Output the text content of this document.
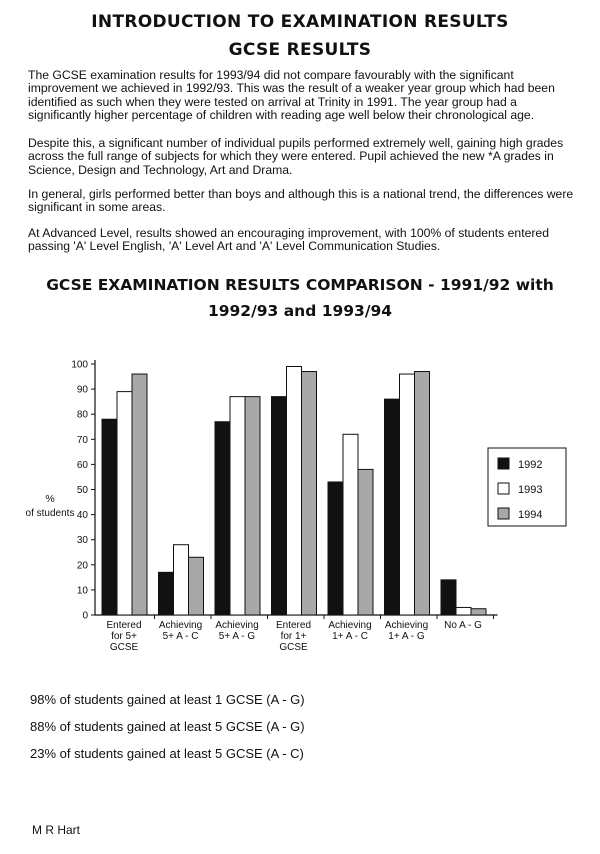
INTRODUCTION TO EXAMINATION RESULTS
GCSE RESULTS

The GCSE examination results for 1993/94 did not compare favourably with the significant improvement we achieved in 1992/93. This was the result of a weaker year group which had been identified as such when they were tested on arrival at Trinity in 1991. The year group had a significantly higher percentage of children with reading age well below their chronological age.

Despite this, a significant number of individual pupils performed extremely well, gaining high grades across the full range of subjects for which they were entered. Pupil achieved the new *A grades in Science, Design and Technology, Art and Drama.

In general, girls performed better than boys and although this is a national trend, the differences were significant in some areas.

At Advanced Level, results showed an encouraging improvement, with 100% of students entered passing 'A' Level English, 'A' Level Art and 'A' Level Communication Studies.

GCSE EXAMINATION RESULTS COMPARISON - 1991/92 with
1992/93 and 1993/94
0
10
20
30
40
50
60
70
80
90
100
%
of students
Entered
for 5+
GCSE
Achieving
5+ A - C
Achieving
5+ A - G
Entered
for 1+
GCSE
Achieving
1+ A - C
Achieving
1+ A - G
No A - G
1992
1993
1994
98% of students gained at least 1 GCSE (A - G)
88% of students gained at least 5 GCSE (A - G)
23% of students gained at least 5 GCSE (A - C)
M R Hart
